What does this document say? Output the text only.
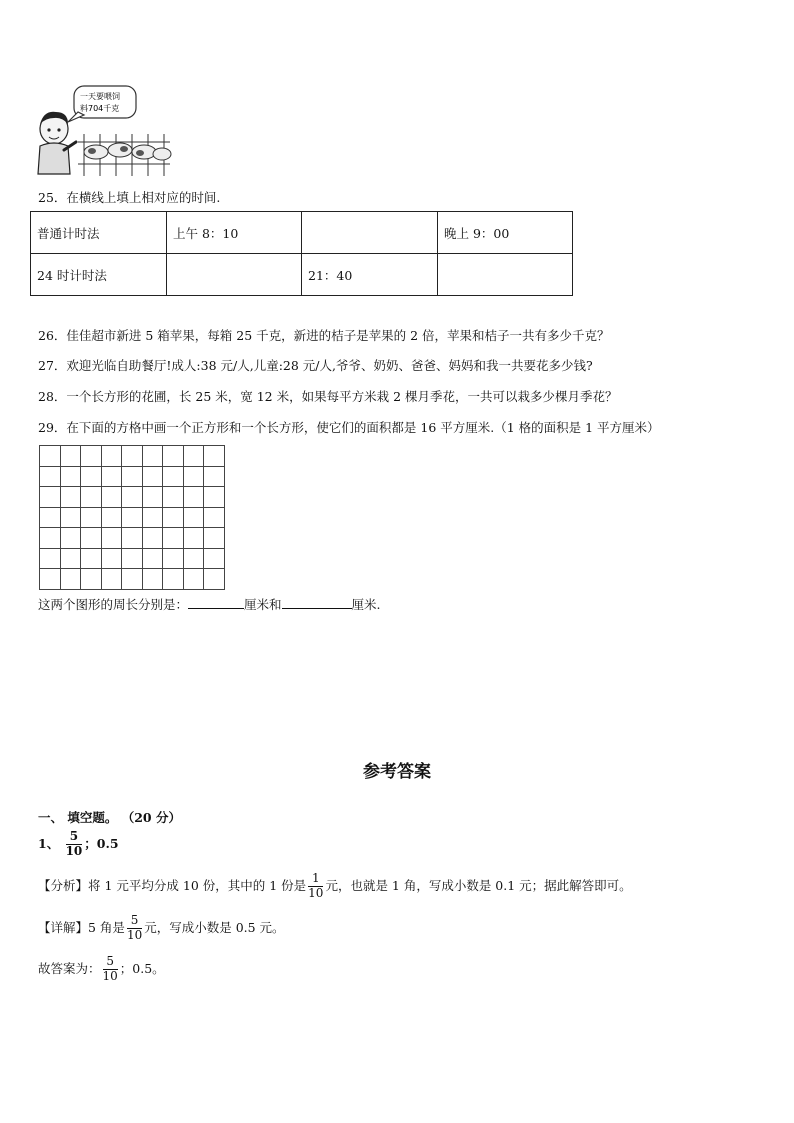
一天要喂饲
料704千克
25．在横线上填上相对应的时间.
普通计时法	上午 8：10		晚上 9：00
24 时计时法		21：40	
26．佳佳超市新进 5 箱苹果，每箱 25 千克，新进的桔子是苹果的 2 倍，苹果和桔子一共有多少千克？
27．欢迎光临自助餐厅!成人:38 元/人,儿童:28 元/人,爷爷、奶奶、爸爸、妈妈和我一共要花多少钱?
28．一个长方形的花圃，长 25 米，宽 12 米，如果每平方米栽 2 棵月季花，一共可以栽多少棵月季花？
29．在下面的方格中画一个正方形和一个长方形，使它们的面积都是 16 平方厘米.（1 格的面积是 1 平方厘米）
这两个图形的周长分别是：	厘米和	厘米.
参考答案
一、 填空题。 （20 分）
1、 $\frac{5}{10}$ ；0.5
【分析】将 1 元平均分成 10 份，其中的 1 份是 $\frac{1}{10}$ 元，也就是 1 角，写成小数是 0.1 元；据此解答即可。
【详解】5 角是 $\frac{5}{10}$ 元，写成小数是 0.5 元。
故答案为： $\frac{5}{10}$ ；0.5。
